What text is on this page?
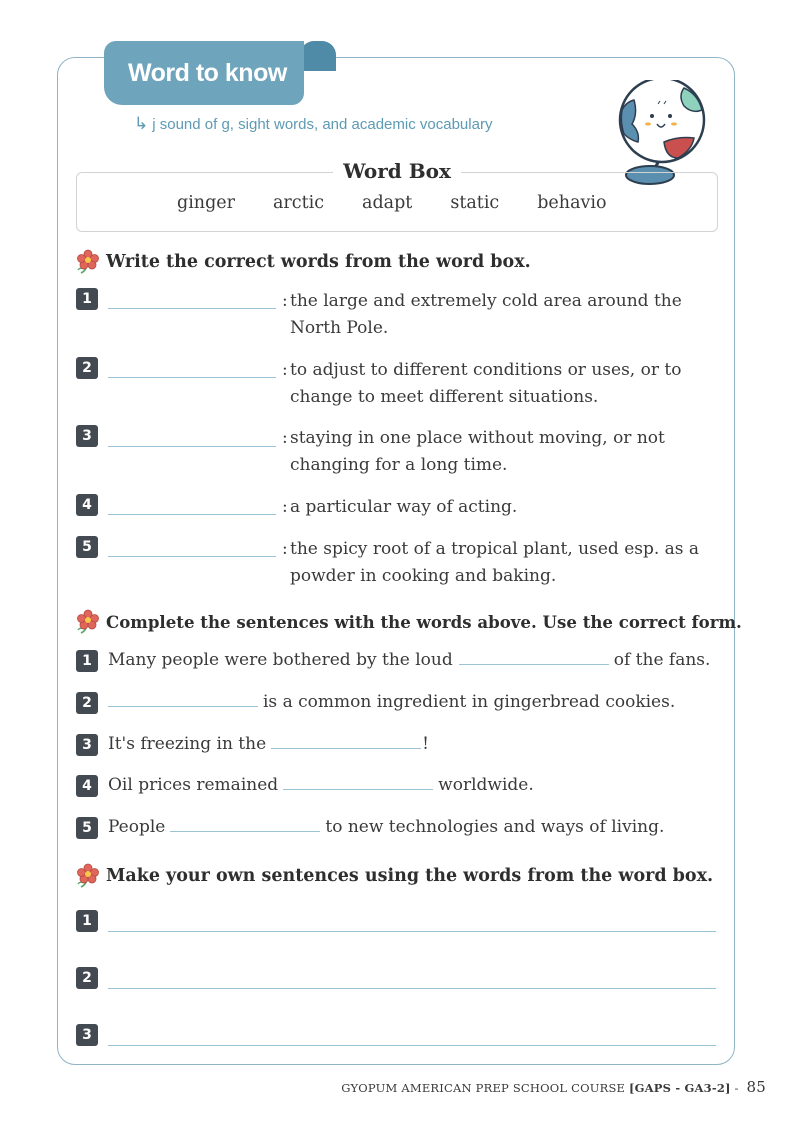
Word to know
↳ j sound of g, sight words, and academic vocabulary
Word Box
ginger arctic adapt static behavio
Write the correct words from the word box.
1	: the large and extremely cold area around the
North Pole.
2	: to adjust to different conditions or uses, or to
change to meet different situations.
3	: staying in one place without moving, or not
changing for a long time.
4	: a particular way of acting.
5	: the spicy root of a tropical plant, used esp. as a
powder in cooking and baking.
Complete the sentences with the words above. Use the correct form.
1 Many people were bothered by the loud	of the fans.
2	is a common ingredient in gingerbread cookies.
3 It's freezing in the	!
4 Oil prices remained	worldwide.
5 People	to new technologies and ways of living.
Make your own sentences using the words from the word box.
1
2
3
GYOPUM AMERICAN PREP SCHOOL COURSE [GAPS - GA3-2] - 85
